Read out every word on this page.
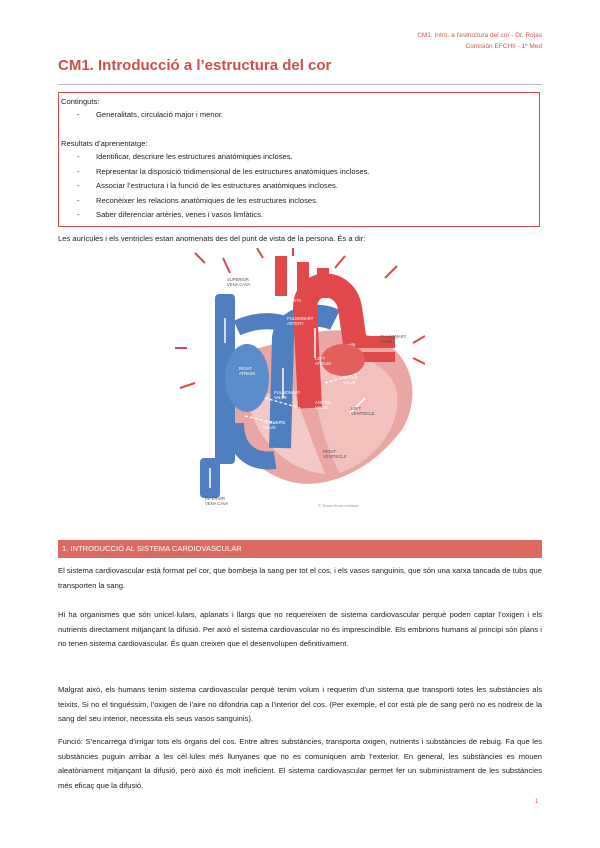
CM1. Intro. a l'estructura del cor - Dr. Rojas
Comisión EFCHII - 1º Med
CM1. Introducció a l’estructura del cor
Continguts:
- Generalitats, circulació major i menor.
Resultats d’aprenentatge:
- Identificar, descriure les estructures anatòmiques incloses.
- Representar la disposició tridimensional de les estructures anatòmiques incloses.
- Associar l’estructura i la funció de les estructures anatòmiques incloses.
- Reconèixer les relacions anatòmiques de les estructures incloses.
- Saber diferenciar artèries, venes i vasos limfàtics.
Les aurícules i els ventricles estan anomenats des del punt de vista de la persona. És a dir:
SUPERIOR
VENA CAVA
AORTA
PULMONARY
ARTERY
PULMONARY
VEINS
LEFT
ATRIUM
RIGHT
ATRIUM
MITRAL
VALVE
PULMONARY
VALVE
AORTIC
VALVE	LEFT
VENTRICLE
TRICUSPID
VALVE
RIGHT
VENTRICLE
INFERIOR
VENA CAVA	© Texas Heart Institute
1. INTRODUCCIÓ AL SISTEMA CARDIOVASCULAR
El sistema cardiovascular està format pel cor, que bombeja la sang per tot el cos, i els vasos sanguinis, que són una xarxa tancada de tubs que transporten la sang.
Hi ha organismes que són unicel·lulars, aplanats i llargs que no requereixen de sistema cardiovascular perquè poden captar l’oxigen i els nutrients directament mitjançant la difusió. Per això el sistema cardiovascular no és imprescindible. Els embrions humans al principi són plans i no tenen sistema cardiovascular. És quan creixen que el desenvolupen definitivament.
Malgrat això, els humans tenim sistema cardiovascular perquè tenim volum i requerim d’un sistema que transporti totes les substàncies als teixits. Si no el tinguéssim, l’oxigen de l’aire no difondria cap a l’interior del cos. (Per exemple, el cor està ple de sang però no es nodreix de la sang del seu interior, necessita els seus vasos sanguinis).
Funció: S’encarrega d’irrigar tots els òrgans del cos. Entre altres substàncies, transporta oxigen, nutrients i substàncies de rebuig. Fa que les substàncies puguin arribar a les cèl·lules més llunyanes que no es comuniquen amb l’exterior. En general, les substàncies es mouen aleatòriament mitjançant la difusió, però això és molt ineficient. El sistema cardiovascular permet fer un subministrament de les substàncies més eficaç que la difusió.
1
